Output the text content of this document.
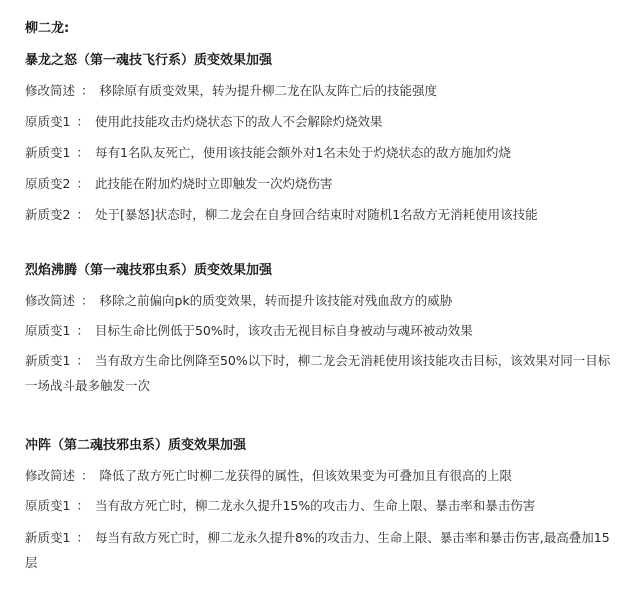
柳二龙:
暴龙之怒（第一魂技飞行系）质变效果加强
修改简述 ： 移除原有质变效果，转为提升柳二龙在队友阵亡后的技能强度
原质变1 ： 使用此技能攻击灼烧状态下的敌人不会解除灼烧效果
新质变1 ： 每有1名队友死亡，使用该技能会额外对1名未处于灼烧状态的敌方施加灼烧
原质变2 ： 此技能在附加灼烧时立即触发一次灼烧伤害
新质变2 ： 处于[暴怒]状态时，柳二龙会在自身回合结束时对随机1名敌方无消耗使用该技能
烈焰沸腾（第一魂技邪虫系）质变效果加强
修改简述 ： 移除之前偏向pk的质变效果，转而提升该技能对残血敌方的威胁
原质变1 ： 目标生命比例低于50%时，该攻击无视目标自身被动与魂环被动效果
新质变1 ： 当有敌方生命比例降至50%以下时，柳二龙会无消耗使用该技能攻击目标，该效果对同一目标
一场战斗最多触发一次
冲阵（第二魂技邪虫系）质变效果加强
修改简述 ： 降低了敌方死亡时柳二龙获得的属性，但该效果变为可叠加且有很高的上限
原质变1 ： 当有敌方死亡时，柳二龙永久提升15%的攻击力、生命上限、暴击率和暴击伤害
新质变1 ： 每当有敌方死亡时，柳二龙永久提升8%的攻击力、生命上限、暴击率和暴击伤害,最高叠加15
层
